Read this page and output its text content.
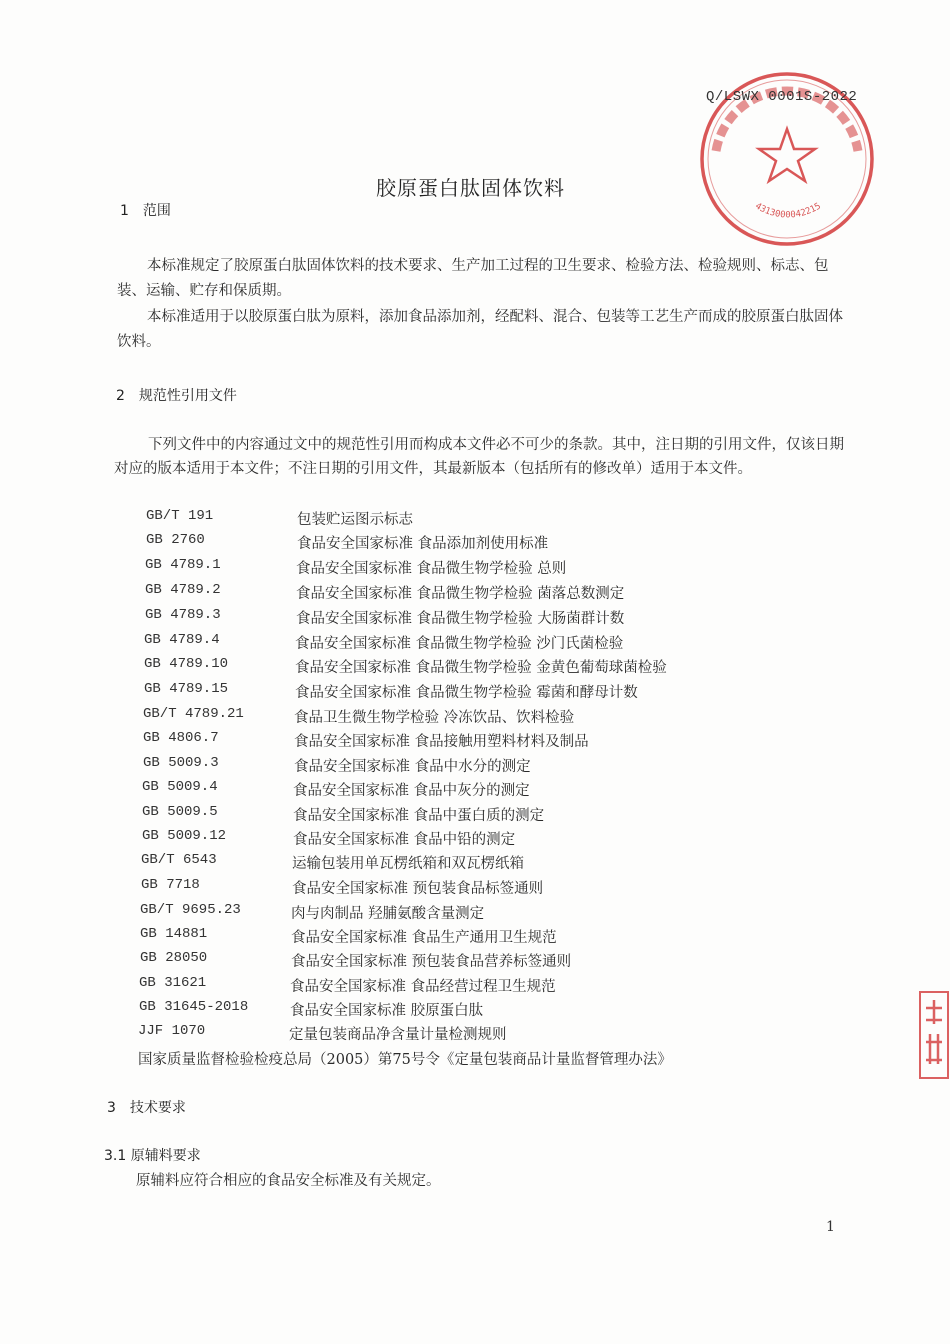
4313000042215
Q/LSWX 0001S-2022
胶原蛋白肽固体饮料
1　范围
本标准规定了胶原蛋白肽固体饮料的技术要求、生产加工过程的卫生要求、检验方法、检验规则、标志、包装、运输、贮存和保质期。
本标准适用于以胶原蛋白肽为原料，添加食品添加剂，经配料、混合、包装等工艺生产而成的胶原蛋白肽固体饮料。
2　规范性引用文件
下列文件中的内容通过文中的规范性引用而构成本文件必不可少的条款。其中，注日期的引用文件，仅该日期对应的版本适用于本文件；不注日期的引用文件，其最新版本（包括所有的修改单）适用于本文件。
GB/T 191	包装贮运图示标志
GB 2760	食品安全国家标准 食品添加剂使用标准
GB 4789.1	食品安全国家标准 食品微生物学检验 总则
GB 4789.2	食品安全国家标准 食品微生物学检验 菌落总数测定
GB 4789.3	食品安全国家标准 食品微生物学检验 大肠菌群计数
GB 4789.4	食品安全国家标准 食品微生物学检验 沙门氏菌检验
GB 4789.10	食品安全国家标准 食品微生物学检验 金黄色葡萄球菌检验
GB 4789.15	食品安全国家标准 食品微生物学检验 霉菌和酵母计数
GB/T 4789.21	食品卫生微生物学检验 冷冻饮品、饮料检验
GB 4806.7	食品安全国家标准 食品接触用塑料材料及制品
GB 5009.3	食品安全国家标准 食品中水分的测定
GB 5009.4	食品安全国家标准 食品中灰分的测定
GB 5009.5	食品安全国家标准 食品中蛋白质的测定
GB 5009.12	食品安全国家标准 食品中铅的测定
GB/T 6543	运输包装用单瓦楞纸箱和双瓦楞纸箱
GB 7718	食品安全国家标准 预包装食品标签通则
GB/T 9695.23	肉与肉制品 羟脯氨酸含量测定
GB 14881	食品安全国家标准 食品生产通用卫生规范
GB 28050	食品安全国家标准 预包装食品营养标签通则
GB 31621	食品安全国家标准 食品经营过程卫生规范
GB 31645-2018	食品安全国家标准 胶原蛋白肽
JJF 1070	定量包装商品净含量计量检测规则
国家质量监督检验检疫总局（2005）第75号令《定量包装商品计量监督管理办法》
3　技术要求
3.1 原辅料要求
原辅料应符合相应的食品安全标准及有关规定。
1
